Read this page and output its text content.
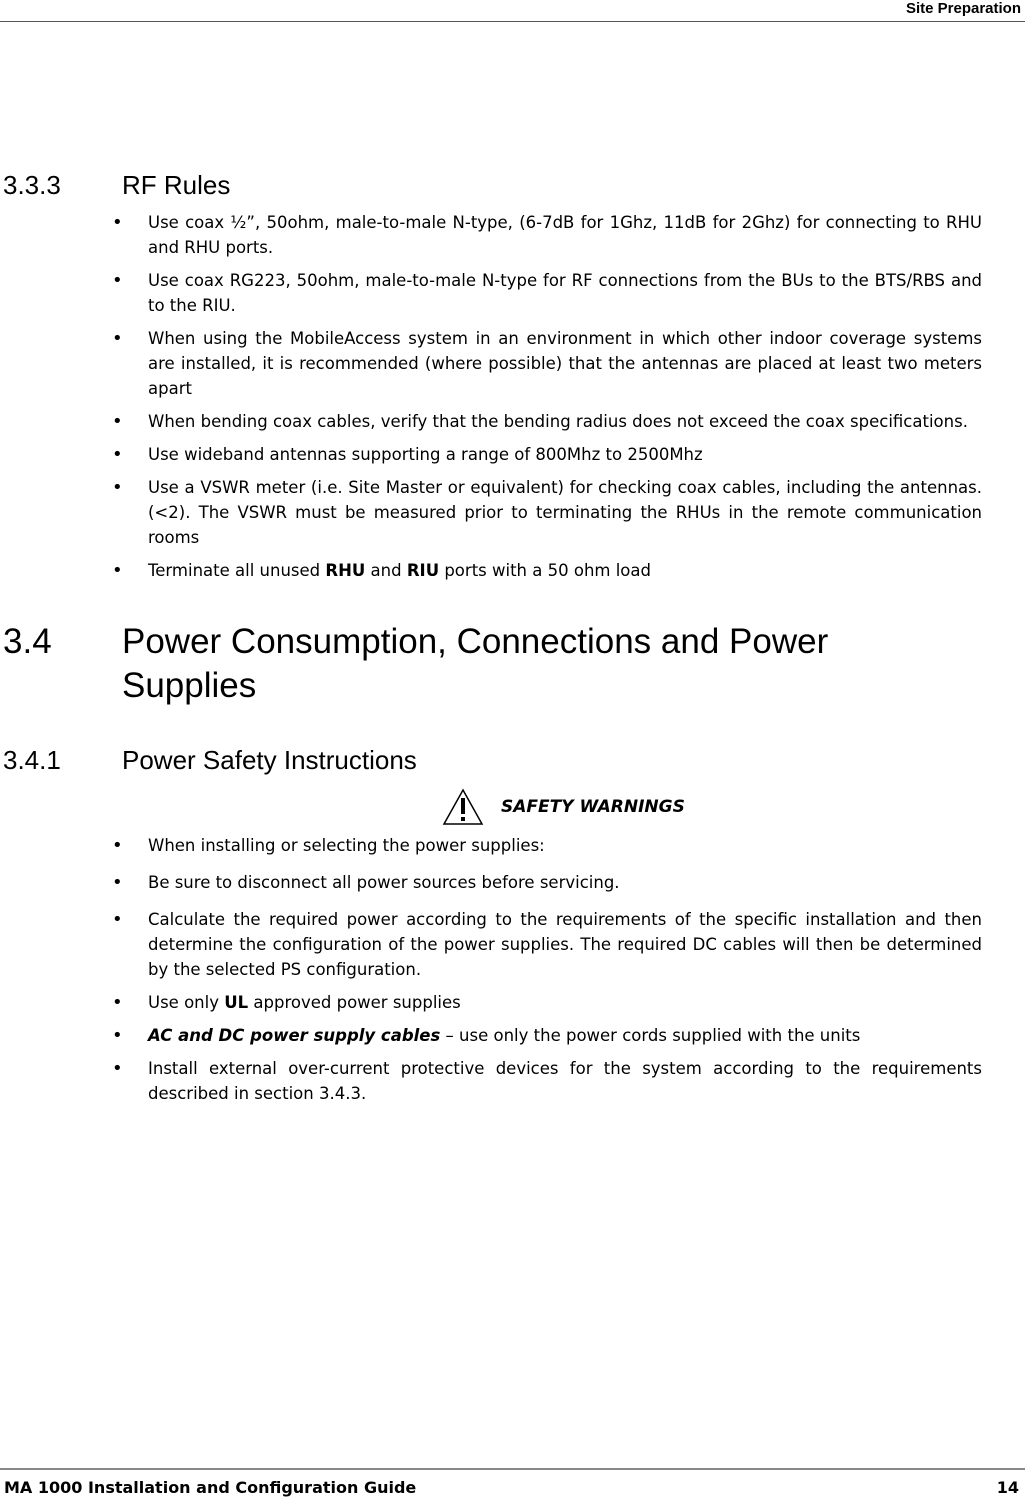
Site Preparation
3.3.3 RF Rules
• Use coax ½”, 50ohm, male-to-male N-type, (6-7dB for 1Ghz, 11dB for 2Ghz) for connecting to RHU and RHU ports.
• Use coax RG223, 50ohm, male-to-male N-type for RF connections from the BUs to the BTS/RBS and to the RIU.
• When using the MobileAccess system in an environment in which other indoor coverage systems are installed, it is recommended (where possible) that the antennas are placed at least two meters apart
• When bending coax cables, verify that the bending radius does not exceed the coax specifications.
• Use wideband antennas supporting a range of 800Mhz to 2500Mhz
• Use a VSWR meter (i.e. Site Master or equivalent) for checking coax cables, including the antennas. (<2). The VSWR must be measured prior to terminating the RHUs in the remote communication rooms
• Terminate all unused RHU and RIU ports with a 50 ohm load
3.4 Power Consumption, Connections and Power Supplies
3.4.1 Power Safety Instructions
SAFETY WARNINGS
• When installing or selecting the power supplies:
• Be sure to disconnect all power sources before servicing.
• Calculate the required power according to the requirements of the specific installation and then determine the configuration of the power supplies. The required DC cables will then be determined by the selected PS configuration.
• Use only UL approved power supplies
• AC and DC power supply cables – use only the power cords supplied with the units
• Install external over-current protective devices for the system according to the requirements described in section 3.4.3.
MA 1000 Installation and Configuration Guide	14
